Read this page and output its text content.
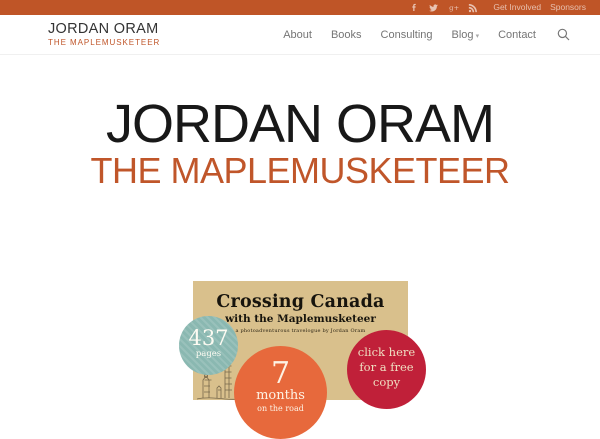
g+	Get Involved Sponsors
JORDAN ORAM
THE MAPLEMUSKETEER
About Books Consulting Blog ▾ Contact
JORDAN ORAM
THE MAPLEMUSKETEER
Crossing Canada
with the Maplemusketeer
a photoadventurous travelogue by Jordan Oram
437
pages
7
months
on the road
click here
for a free
copy
